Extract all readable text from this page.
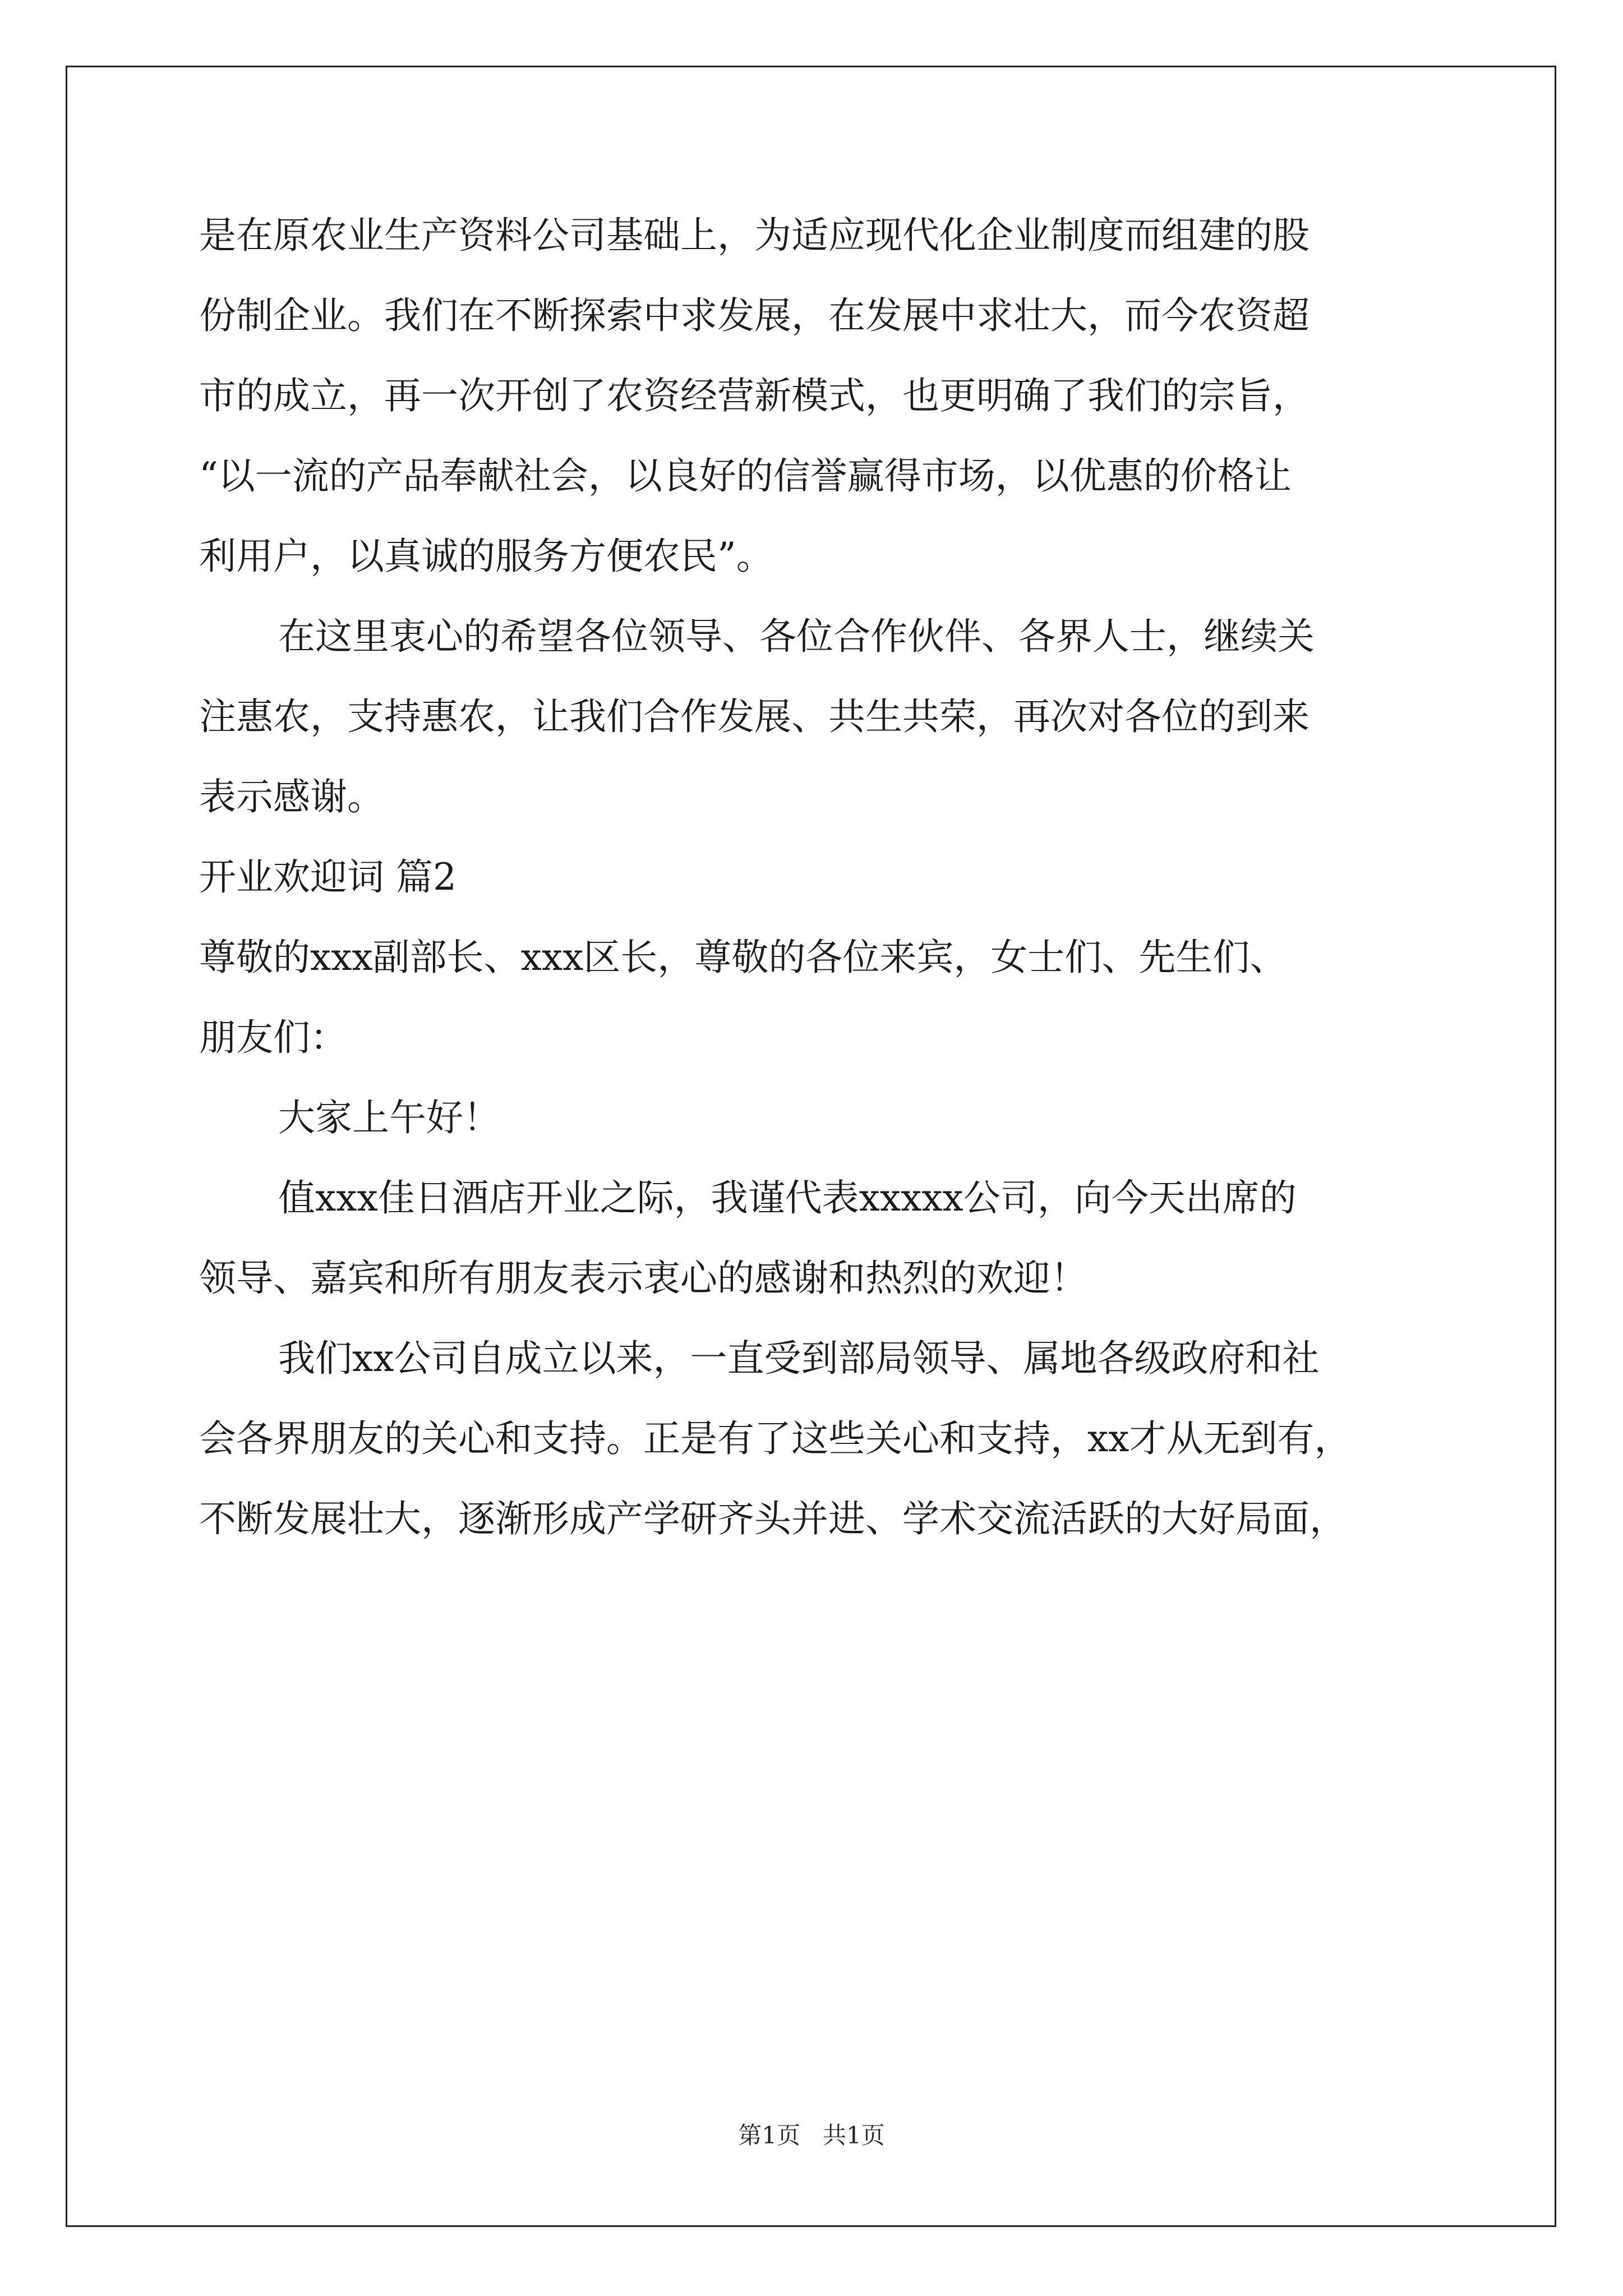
是在原农业生产资料公司基础上，为适应现代化企业制度而组建的股
份制企业。我们在不断探索中求发展，在发展中求壮大，而今农资超
市的成立，再一次开创了农资经营新模式，也更明确了我们的宗旨，
“以一流的产品奉献社会，以良好的信誉赢得市场，以优惠的价格让
利用户，以真诚的服务方便农民”。
在这里衷心的希望各位领导、各位合作伙伴、各界人士，继续关
注惠农，支持惠农，让我们合作发展、共生共荣，再次对各位的到来
表示感谢。
开业欢迎词 篇2
尊敬的xxx副部长、xxx区长，尊敬的各位来宾，女士们、先生们、
朋友们：
大家上午好！
值xxx佳日酒店开业之际，我谨代表xxxxx公司，向今天出席的
领导、嘉宾和所有朋友表示衷心的感谢和热烈的欢迎！
我们xx公司自成立以来，一直受到部局领导、属地各级政府和社
会各界朋友的关心和支持。正是有了这些关心和支持，xx才从无到有，
不断发展壮大，逐渐形成产学研齐头并进、学术交流活跃的大好局面，
第1页   共1页
